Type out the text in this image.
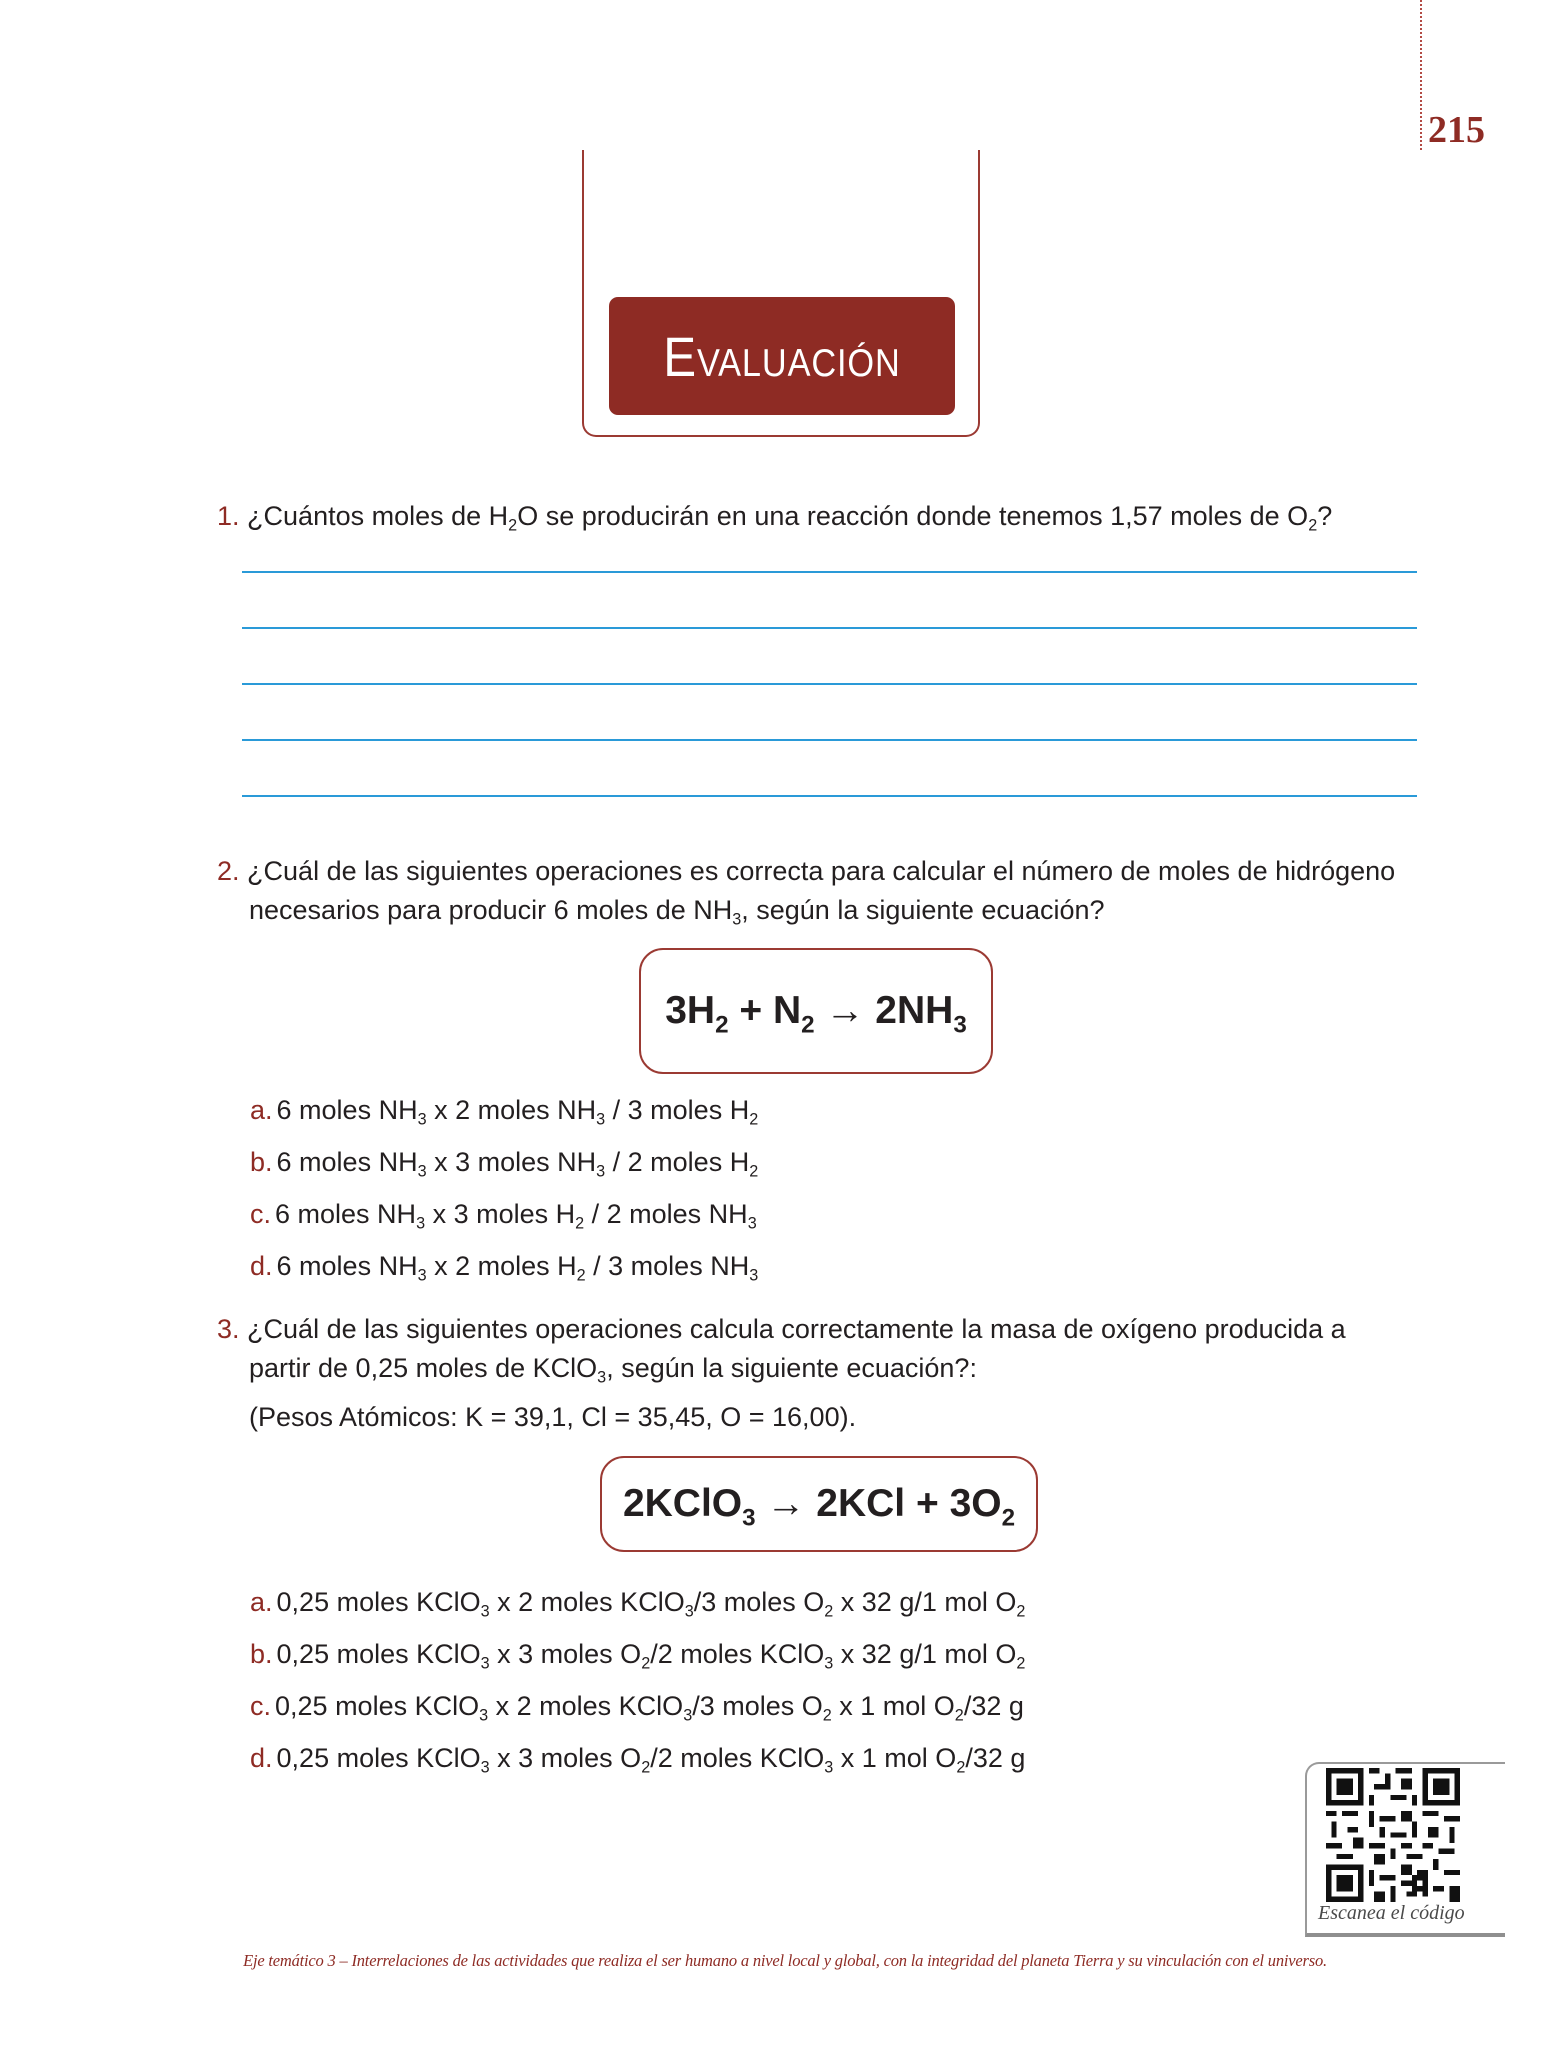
215
Evaluación
1. ¿Cuántos moles de $H_2O$ se producirán en una reacción donde tenemos 1,57 moles de $O_2$?
2. ¿Cuál de las siguientes operaciones es correcta para calcular el número de moles de hidrógeno
necesarios para producir 6 moles de $NH_3$, según la siguiente ecuación?
$3H_2 + N_2 \to 2NH_3$
a. 6 moles $NH_3$ x 2 moles $NH_3 / 3$ moles $H_2$
b. 6 moles $NH_3$ x 3 moles $NH_3 / 2$ moles $H_2$
c. 6 moles $NH_3$ x 3 moles $H_2 / 2$ moles $NH_3$
d. 6 moles $NH_3$ x 2 moles $H_2 / 3$ moles $NH_3$
3. ¿Cuál de las siguientes operaciones calcula correctamente la masa de oxígeno producida a
partir de 0,25 moles de KClO$_3$, según la siguiente ecuación?:
(Pesos Atómicos: K = 39,1, Cl = 35,45, O = 16,00).
2KClO$_3$ → $2KCl + 3O_2$
a. 0,25 moles KClO$_3$ x 2 moles KClO$_3$/3 moles $O_2$ x 32 g/1 mol $O_2$
b. 0,25 moles KClO$_3$ x 3 moles $O_2/2$ moles KClO$_3$ x 32 g/1 mol $O_2$
c. 0,25 moles KClO$_3$ x 2 moles KClO$_3$/3 moles $O_2$ x 1 mol $O_2/32$ g
d. 0,25 moles KClO$_3$ x 3 moles $O_2/2$ moles KClO$_3$ x 1 mol $O_2/32$ g
Escanea el código
Eje temático 3 – Interrelaciones de las actividades que realiza el ser humano a nivel local y global, con la integridad del planeta Tierra y su vinculación con el universo.
